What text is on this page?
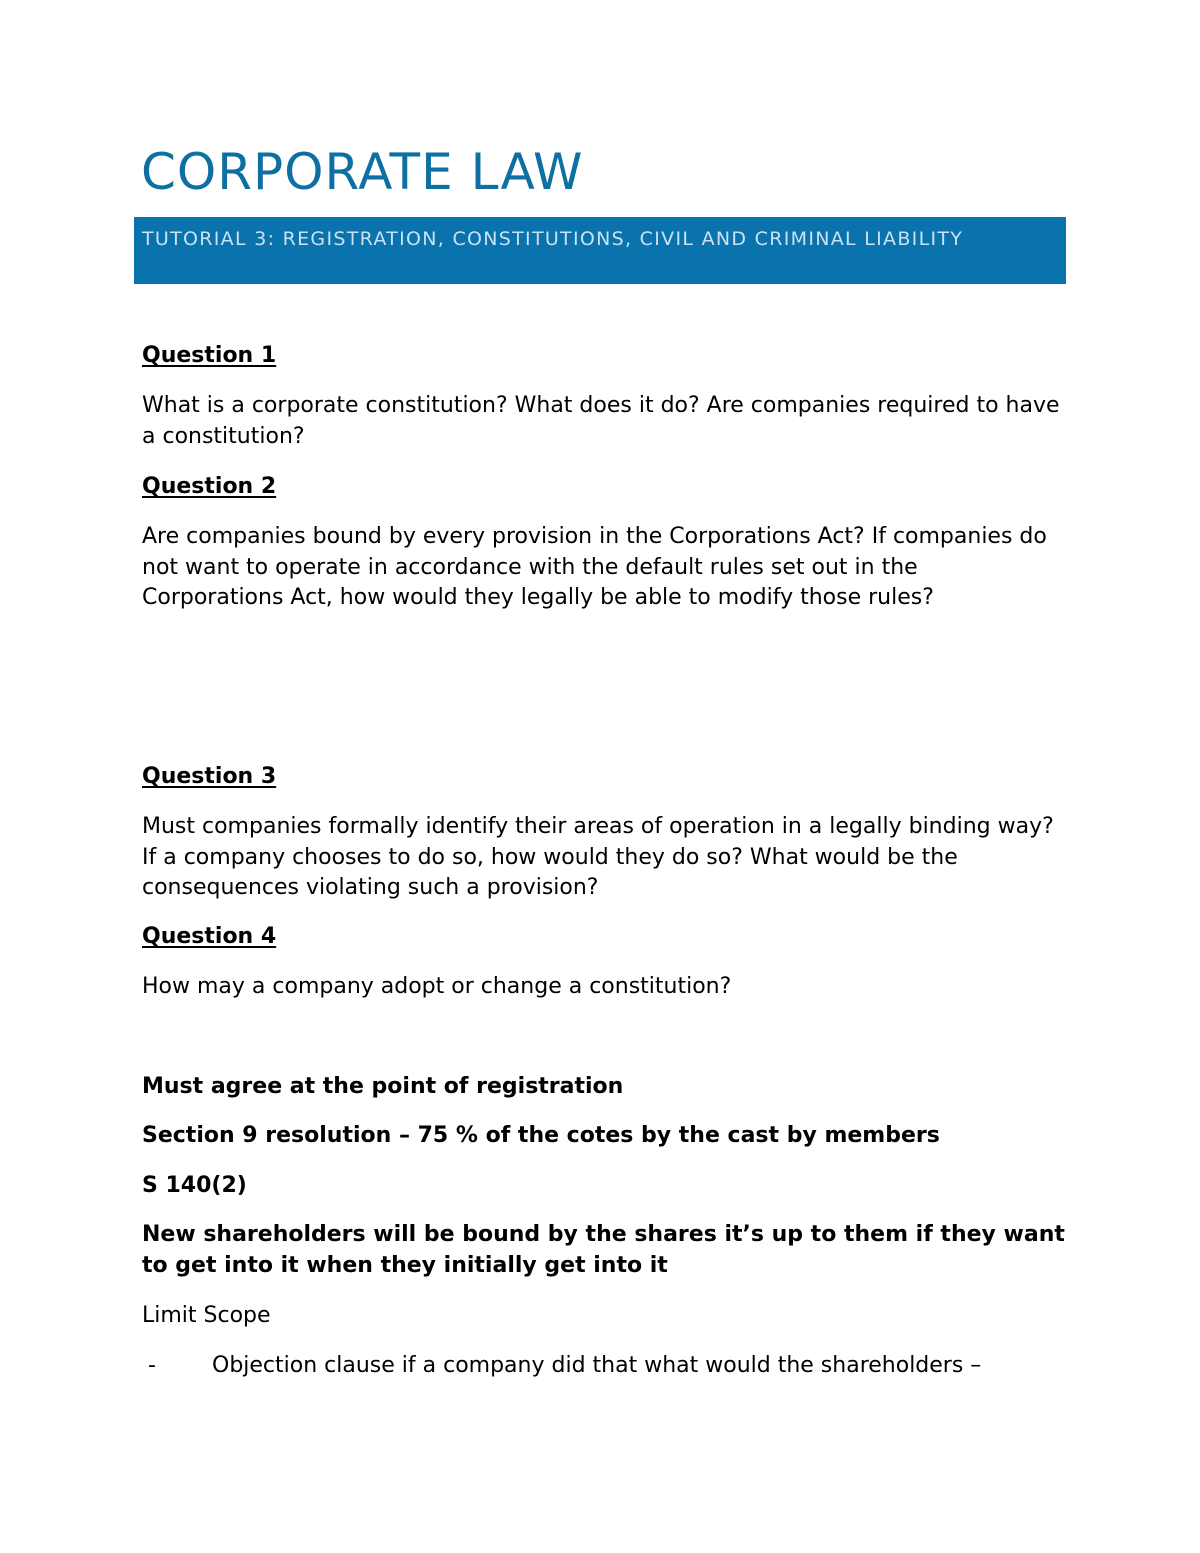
CORPORATE LAW
TUTORIAL 3: REGISTRATION, CONSTITUTIONS, CIVIL AND CRIMINAL LIABILITY
Question 1
What is a corporate constitution? What does it do? Are companies required to have a constitution?
Question 2
Are companies bound by every provision in the Corporations Act? If companies do not want to operate in accordance with the default rules set out in the Corporations Act, how would they legally be able to modify those rules?
Question 3
Must companies formally identify their areas of operation in a legally binding way? If a company chooses to do so, how would they do so? What would be the consequences violating such a provision?
Question 4
How may a company adopt or change a constitution?
Must agree at the point of registration
Section 9 resolution – 75 % of the cotes by the cast by members
S 140(2)
New shareholders will be bound by the shares it’s up to them if they want to get into it when they initially get into it
Limit Scope
-	Objection clause if a company did that what would the shareholders –
